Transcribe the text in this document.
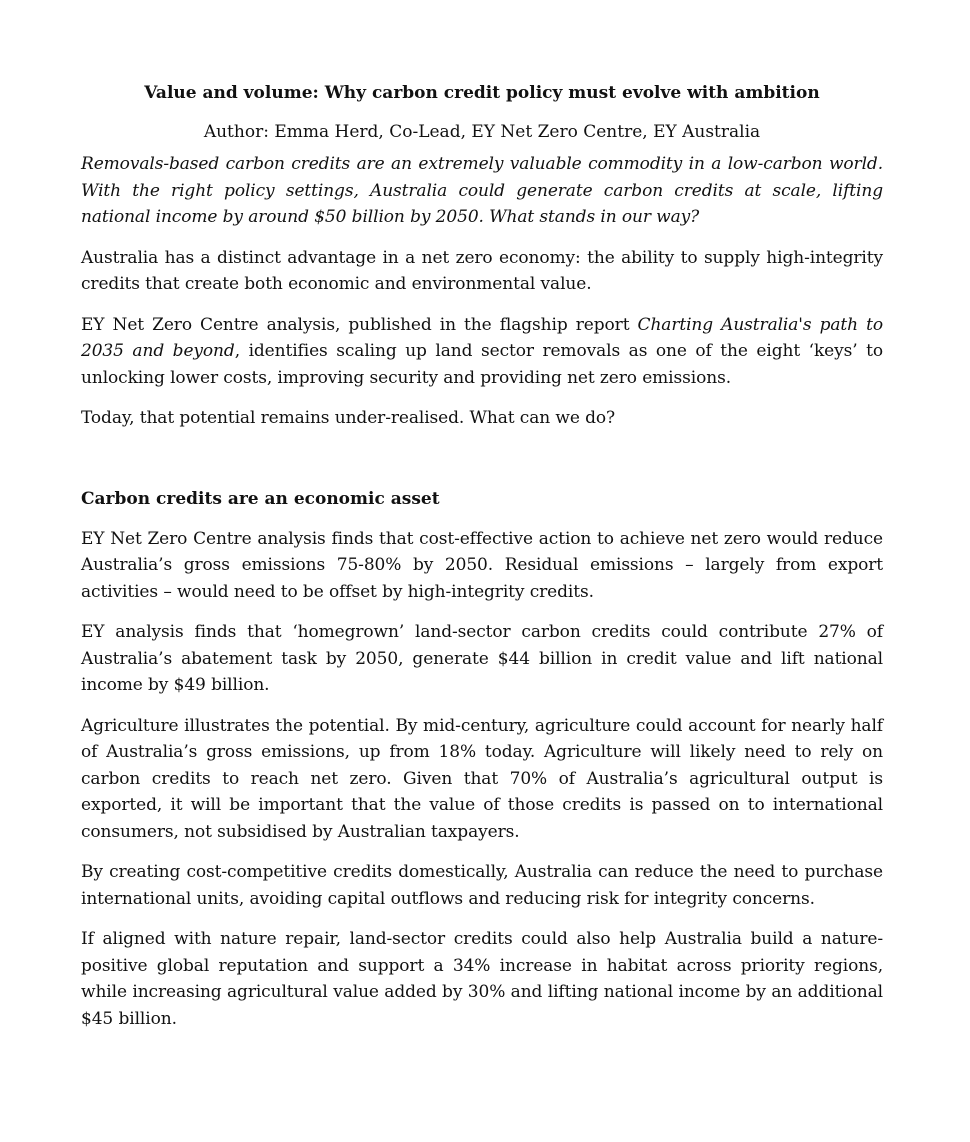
Value and volume: Why carbon credit policy must evolve with ambition
Author: Emma Herd, Co-Lead, EY Net Zero Centre, EY Australia

Removals-based carbon credits are an extremely valuable commodity in a low-carbon world. With the right policy settings, Australia could generate carbon credits at scale, lifting national income by around $50 billion by 2050. What stands in our way?

Australia has a distinct advantage in a net zero economy: the ability to supply high-integrity credits that create both economic and environmental value.

EY Net Zero Centre analysis, published in the flagship report Charting Australia's path to 2035 and beyond, identifies scaling up land sector removals as one of the eight ‘keys’ to unlocking lower costs, improving security and providing net zero emissions.

Today, that potential remains under-realised. What can we do?

Carbon credits are an economic asset

EY Net Zero Centre analysis finds that cost-effective action to achieve net zero would reduce Australia’s gross emissions 75-80% by 2050. Residual emissions – largely from export activities – would need to be offset by high-integrity credits.

EY analysis finds that ‘homegrown’ land-sector carbon credits could contribute 27% of Australia’s abatement task by 2050, generate $44 billion in credit value and lift national income by $49 billion.

Agriculture illustrates the potential. By mid-century, agriculture could account for nearly half of Australia’s gross emissions, up from 18% today. Agriculture will likely need to rely on carbon credits to reach net zero. Given that 70% of Australia’s agricultural output is exported, it will be important that the value of those credits is passed on to international consumers, not subsidised by Australian taxpayers.

By creating cost-competitive credits domestically, Australia can reduce the need to purchase international units, avoiding capital outflows and reducing risk for integrity concerns.

If aligned with nature repair, land-sector credits could also help Australia build a nature-positive global reputation and support a 34% increase in habitat across priority regions, while increasing agricultural value added by 30% and lifting national income by an additional $45 billion.
